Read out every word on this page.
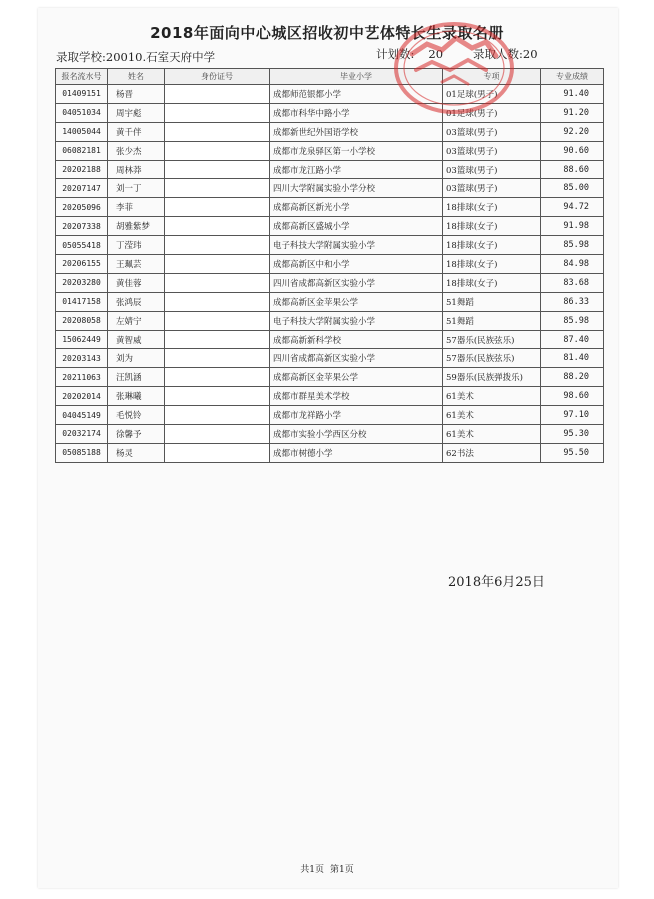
2018年面向中心城区招收初中艺体特长生录取名册
录取学校:20010.石室天府中学	计划数: 20	录取人数:20
报名流水号	姓名	身份证号	毕业小学	专项	专业成绩
01409151	杨晋		成都师范银都小学	01足球(男子)	91.40
04051034	周宇彪		成都市科华中路小学	01足球(男子)	91.20
14005044	黄千伴		成都新世纪外国语学校	03篮球(男子)	92.20
06082181	张少杰		成都市龙泉驿区第一小学校	03篮球(男子)	90.60
20202188	周林莽		成都市龙江路小学	03篮球(男子)	88.60
20207147	刘一丁		四川大学附属实验小学分校	03篮球(男子)	85.00
20205096	李菲		成都高新区新光小学	18排球(女子)	94.72
20207338	胡雅紫梦		成都高新区盛城小学	18排球(女子)	91.98
05055418	丁滢玮		电子科技大学附属实验小学	18排球(女子)	85.98
20206155	王珮芸		成都高新区中和小学	18排球(女子)	84.98
20203280	黄佳蓉		四川省成都高新区实验小学	18排球(女子)	83.68
01417158	张鸿辰		成都高新区金苹果公学	51舞蹈	86.33
20208058	左婧宁		电子科技大学附属实验小学	51舞蹈	85.98
15062449	黄智威		成都高新新科学校	57器乐(民族弦乐)	87.40
20203143	刘为		四川省成都高新区实验小学	57器乐(民族弦乐)	81.40
20211063	汪凯涵		成都高新区金苹果公学	59器乐(民族弹拨乐)	88.20
20202014	张琳曦		成都市群星美术学校	61美术	98.60
04045149	毛悦铃		成都市龙祥路小学	61美术	97.10
02032174	徐馨予		成都市实验小学西区分校	61美术	95.30
05085188	杨灵		成都市树德小学	62书法	95.50
2018年6月25日
共1页 第1页
